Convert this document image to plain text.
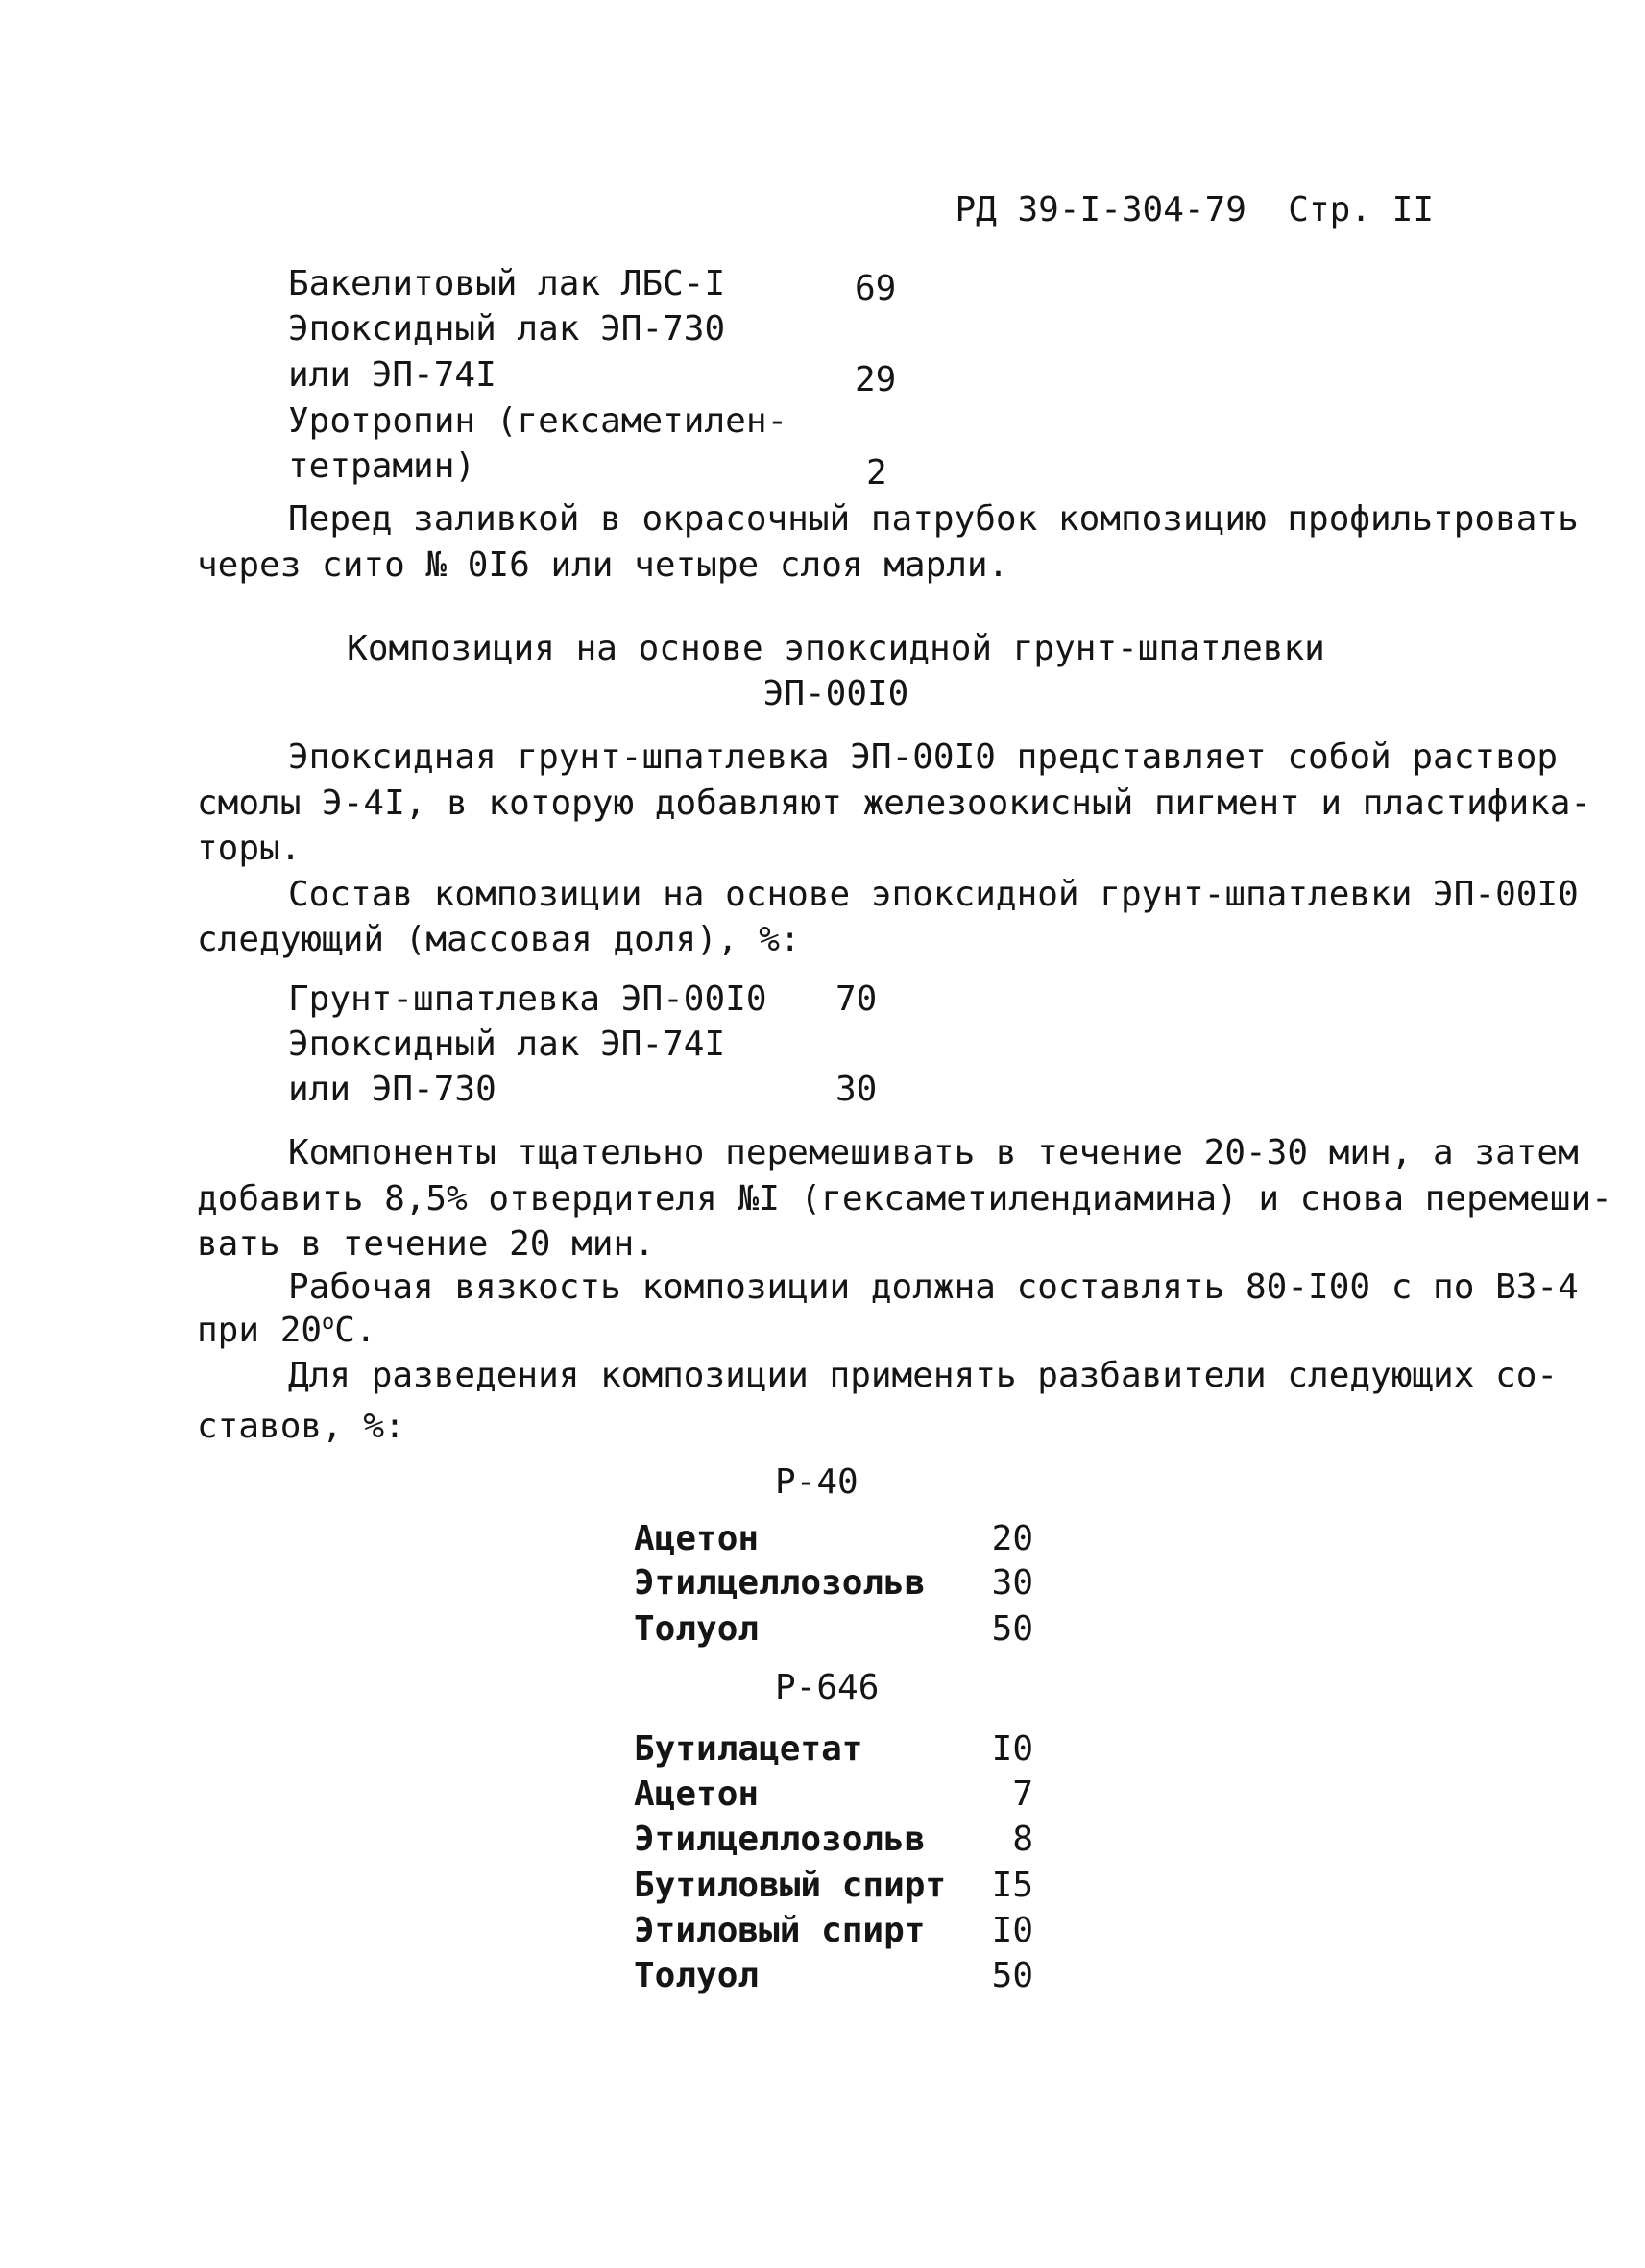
РД 39-I-304-79 Стр. II
Бакелитовый лак ЛБС-I	69
Эпоксидный лак ЭП-730
или ЭП-74I	29
Уротропин (гексаметилен-
тетрамин)	2
Перед заливкой в окрасочный патрубок композицию профильтровать
через сито № 0I6 или четыре слоя марли.
Композиция на основе эпоксидной грунт-шпатлевки
ЭП-00I0
Эпоксидная грунт-шпатлевка ЭП-00I0 представляет собой раствор
смолы Э-4I, в которую добавляют железоокисный пигмент и пластифика-
торы.
Состав композиции на основе эпоксидной грунт-шпатлевки ЭП-00I0
следующий (массовая доля), %:
Грунт-шпатлевка ЭП-00I0 70
Эпоксидный лак ЭП-74I
или ЭП-730	30
Компоненты тщательно перемешивать в течение 20-30 мин, а затем
добавить 8,5% отвердителя №I (гексаметилендиамина) и снова перемеши-
вать в течение 20 мин.
Рабочая вязкость композиции должна составлять 80-I00 с по ВЗ-4
при $20^оС$.
Для разведения композиции применять разбавители следующих со-
ставов, %:
Р-40
Ацетон	20
Этилцеллозольв 30
Толуол	50
Р-646
Бутилацетат	I0
Ацетон	7
Этилцеллозольв	8
Бутиловый спирт I5
Этиловый спирт I0
Толуол	50
